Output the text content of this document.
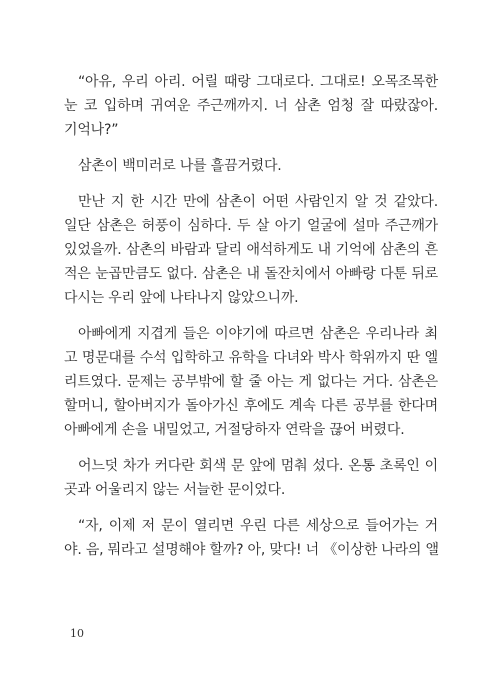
“아유, 우리 아리. 어릴 때랑 그대로다. 그대로! 오목조목한
눈 코 입하며 귀여운 주근깨까지. 너 삼촌 엄청 잘 따랐잖아.
기억나?”
삼촌이 백미러로 나를 흘끔거렸다.
만난 지 한 시간 만에 삼촌이 어떤 사람인지 알 것 같았다.
일단 삼촌은 허풍이 심하다. 두 살 아기 얼굴에 설마 주근깨가
있었을까. 삼촌의 바람과 달리 애석하게도 내 기억에 삼촌의 흔
적은 눈곱만큼도 없다. 삼촌은 내 돌잔치에서 아빠랑 다툰 뒤로
다시는 우리 앞에 나타나지 않았으니까.
아빠에게 지겹게 들은 이야기에 따르면 삼촌은 우리나라 최
고 명문대를 수석 입학하고 유학을 다녀와 박사 학위까지 딴 엘
리트였다. 문제는 공부밖에 할 줄 아는 게 없다는 거다. 삼촌은
할머니, 할아버지가 돌아가신 후에도 계속 다른 공부를 한다며
아빠에게 손을 내밀었고, 거절당하자 연락을 끊어 버렸다.
어느덧 차가 커다란 회색 문 앞에 멈춰 섰다. 온통 초록인 이
곳과 어울리지 않는 서늘한 문이었다.
“자, 이제 저 문이 열리면 우린 다른 세상으로 들어가는 거
야. 음, 뭐라고 설명해야 할까? 아, 맞다! 너 《이상한 나라의 앨
10
